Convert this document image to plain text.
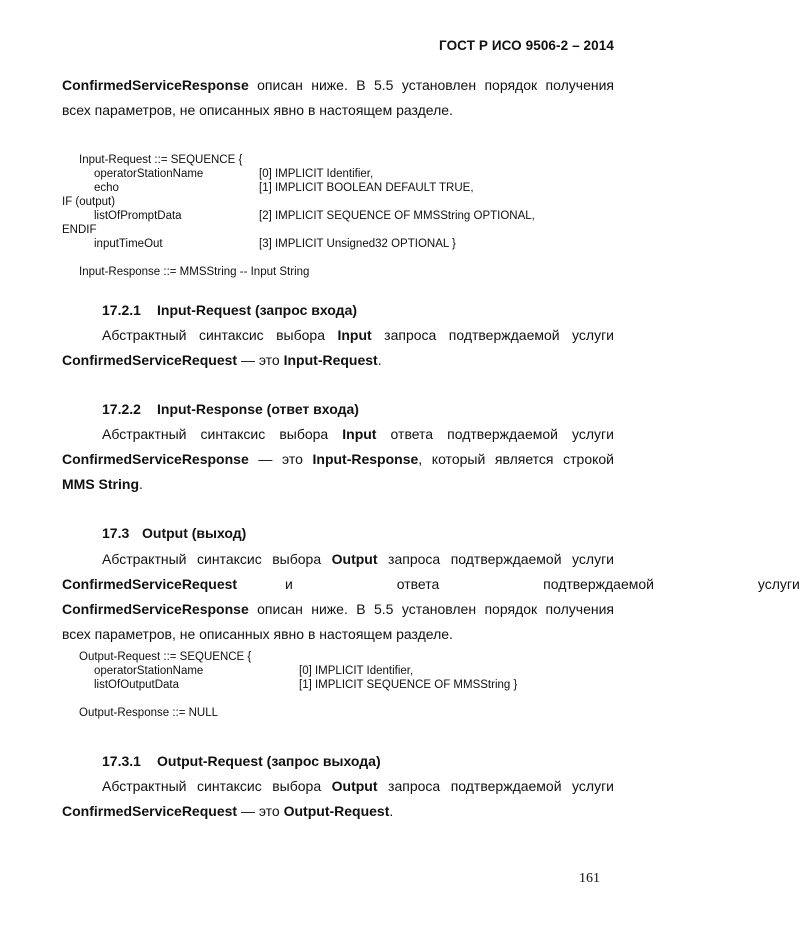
ГОСТ Р ИСО 9506-2 – 2014
ConfirmedServiceResponse описан ниже. В 5.5 установлен порядок получения
всех параметров, не описанных явно в настоящем разделе.
Input-Request ::= SEQUENCE {
operatorStationName	[0] IMPLICIT Identifier,
echo	[1] IMPLICIT BOOLEAN DEFAULT TRUE,
IF (output)
listOfPromptData	[2] IMPLICIT SEQUENCE OF MMSString OPTIONAL,
ENDIF
inputTimeOut	[3] IMPLICIT Unsigned32 OPTIONAL }
Input-Response ::= MMSString -- Input String
17.2.1 Input-Request (запрос входа)
Абстрактный синтаксис выбора Input запроса подтверждаемой услуги
ConfirmedServiceRequest — это Input-Request.
17.2.2 Input-Response (ответ входа)
Абстрактный синтаксис выбора Input ответа подтверждаемой услуги
ConfirmedServiceResponse — это Input-Response, который является строкой
MMS String.
17.3 Output (выход)
Абстрактный синтаксис выбора Output запроса подтверждаемой услуги
ConfirmedServiceRequest	и ответа подтверждаемой услуги
ConfirmedServiceResponse описан ниже. В 5.5 установлен порядок получения
всех параметров, не описанных явно в настоящем разделе.
Output-Request ::= SEQUENCE {
operatorStationName	[0] IMPLICIT Identifier,
listOfOutputData	[1] IMPLICIT SEQUENCE OF MMSString }
Output-Response ::= NULL
17.3.1 Output-Request (запрос выхода)
Абстрактный синтаксис выбора Output запроса подтверждаемой услуги
ConfirmedServiceRequest — это Output-Request.
161
